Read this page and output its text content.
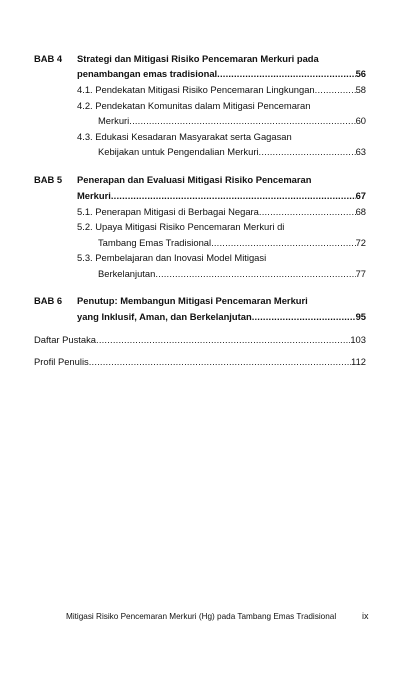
BAB 4 Strategi dan Mitigasi Risiko Pencemaran Merkuri pada
penambangan emas tradisional .....	56
4.1. Pendekatan Mitigasi Risiko Pencemaran Lingkungan .....	58
4.2. Pendekatan Komunitas dalam Mitigasi Pencemaran
Merkuri .....	60
4.3. Edukasi Kesadaran Masyarakat serta Gagasan
Kebijakan untuk Pengendalian Merkuri .....	63
BAB 5 Penerapan dan Evaluasi Mitigasi Risiko Pencemaran
Merkuri .....	67
5.1. Penerapan Mitigasi di Berbagai Negara .....	68
5.2. Upaya Mitigasi Risiko Pencemaran Merkuri di
Tambang Emas Tradisional .....	72
5.3. Pembelajaran dan Inovasi Model Mitigasi
Berkelanjutan .....	77
BAB 6 Penutup: Membangun Mitigasi Pencemaran Merkuri
yang Inklusif, Aman, dan Berkelanjutan .....	95
Daftar Pustaka .....	103
Profil Penulis .....	112
Mitigasi Risiko Pencemaran Merkuri (Hg) pada Tambang Emas Tradisional	ix
